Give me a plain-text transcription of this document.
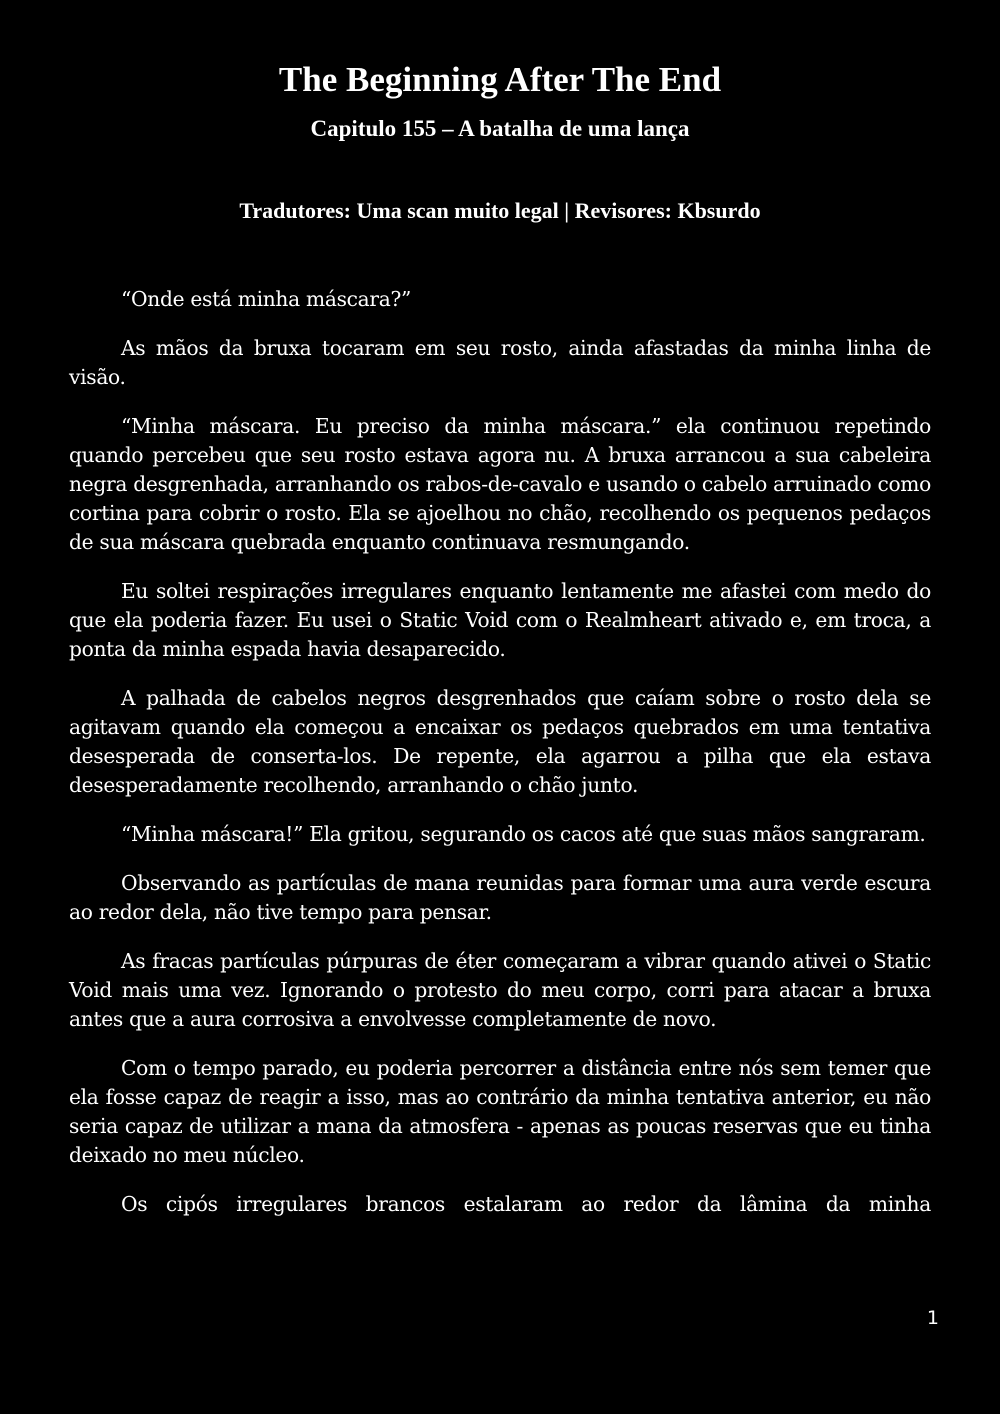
The Beginning After The End
Capitulo 155 – A batalha de uma lança

Tradutores: Uma scan muito legal | Revisores: Kbsurdo

“Onde está minha máscara?”

As mãos da bruxa tocaram em seu rosto, ainda afastadas da minha linha de visão.

“Minha máscara. Eu preciso da minha máscara.” ela continuou repetindo quando percebeu que seu rosto estava agora nu. A bruxa arrancou a sua cabeleira negra desgrenhada, arranhando os rabos-de-cavalo e usando o cabelo arruinado como cortina para cobrir o rosto. Ela se ajoelhou no chão, recolhendo os pequenos pedaços de sua máscara quebrada enquanto continuava resmungando.

Eu soltei respirações irregulares enquanto lentamente me afastei com medo do que ela poderia fazer. Eu usei o Static Void com o Realmheart ativado e, em troca, a ponta da minha espada havia desaparecido.

A palhada de cabelos negros desgrenhados que caíam sobre o rosto dela se agitavam quando ela começou a encaixar os pedaços quebrados em uma tentativa desesperada de conserta-los. De repente, ela agarrou a pilha que ela estava desesperadamente recolhendo, arranhando o chão junto.

“Minha máscara!” Ela gritou, segurando os cacos até que suas mãos sangraram.

Observando as partículas de mana reunidas para formar uma aura verde escura ao redor dela, não tive tempo para pensar.

As fracas partículas púrpuras de éter começaram a vibrar quando ativei o Static Void mais uma vez. Ignorando o protesto do meu corpo, corri para atacar a bruxa antes que a aura corrosiva a envolvesse completamente de novo.

Com o tempo parado, eu poderia percorrer a distância entre nós sem temer que ela fosse capaz de reagir a isso, mas ao contrário da minha tentativa anterior, eu não seria capaz de utilizar a mana da atmosfera - apenas as poucas reservas que eu tinha deixado no meu núcleo.

Os cipós irregulares brancos estalaram ao redor da lâmina da minha

1
